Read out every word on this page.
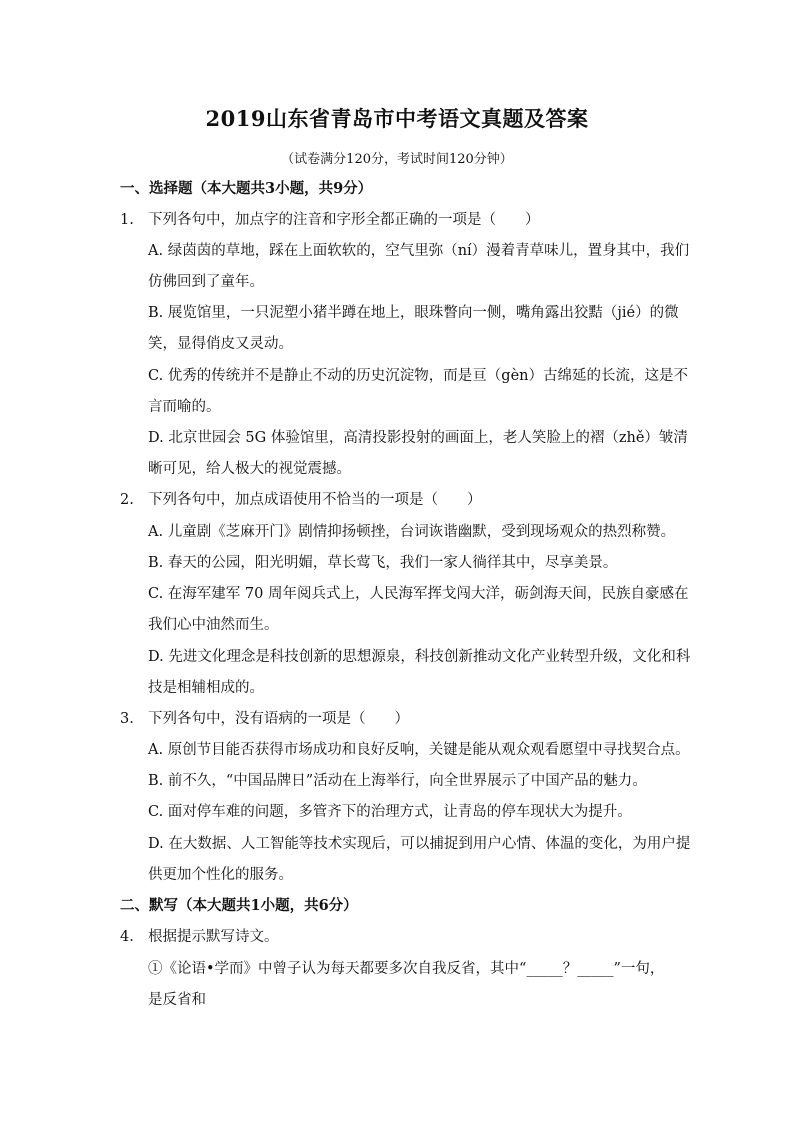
2019山东省青岛市中考语文真题及答案
（试卷满分120分，考试时间120分钟）
一、选择题（本大题共3小题，共9分）
1. 下列各句中，加点字的注音和字形全都正确的一项是（　　）
A. 绿茵茵的草地，踩在上面软软的，空气里弥（ní）漫着青草味儿，置身其中，我们
仿佛回到了童年。
B. 展览馆里，一只泥塑小猪半蹲在地上，眼珠瞥向一侧，嘴角露出狡黠（jié）的微
笑，显得俏皮又灵动。
C. 优秀的传统并不是静止不动的历史沉淀物，而是亘（gèn）古绵延的长流，这是不
言而喻的。
D. 北京世园会 5G 体验馆里，高清投影投射的画面上，老人笑脸上的褶（zhě）皱清
晰可见，给人极大的视觉震撼。
2. 下列各句中，加点成语使用不恰当的一项是（　　）
A. 儿童剧《芝麻开门》剧情抑扬顿挫，台词诙谐幽默，受到现场观众的热烈称赞。
B. 春天的公园，阳光明媚，草长莺飞，我们一家人徜徉其中，尽享美景。
C. 在海军建军 70 周年阅兵式上，人民海军挥戈闯大洋，砺剑海天间，民族自豪感在
我们心中油然而生。
D. 先进文化理念是科技创新的思想源泉，科技创新推动文化产业转型升级，文化和科
技是相辅相成的。
3. 下列各句中，没有语病的一项是（　　）
A. 原创节目能否获得市场成功和良好反响，关键是能从观众观看愿望中寻找契合点。
B. 前不久，“中国品牌日”活动在上海举行，向全世界展示了中国产品的魅力。
C. 面对停车难的问题，多管齐下的治理方式，让青岛的停车现状大为提升。
D. 在大数据、人工智能等技术实现后，可以捕捉到用户心情、体温的变化，为用户提
供更加个性化的服务。
二、默写（本大题共1小题，共6分）
4. 根据提示默写诗文。
①《论语•学而》中曾子认为每天都要多次自我反省，其中“_____？_____”一句，
是反省和
